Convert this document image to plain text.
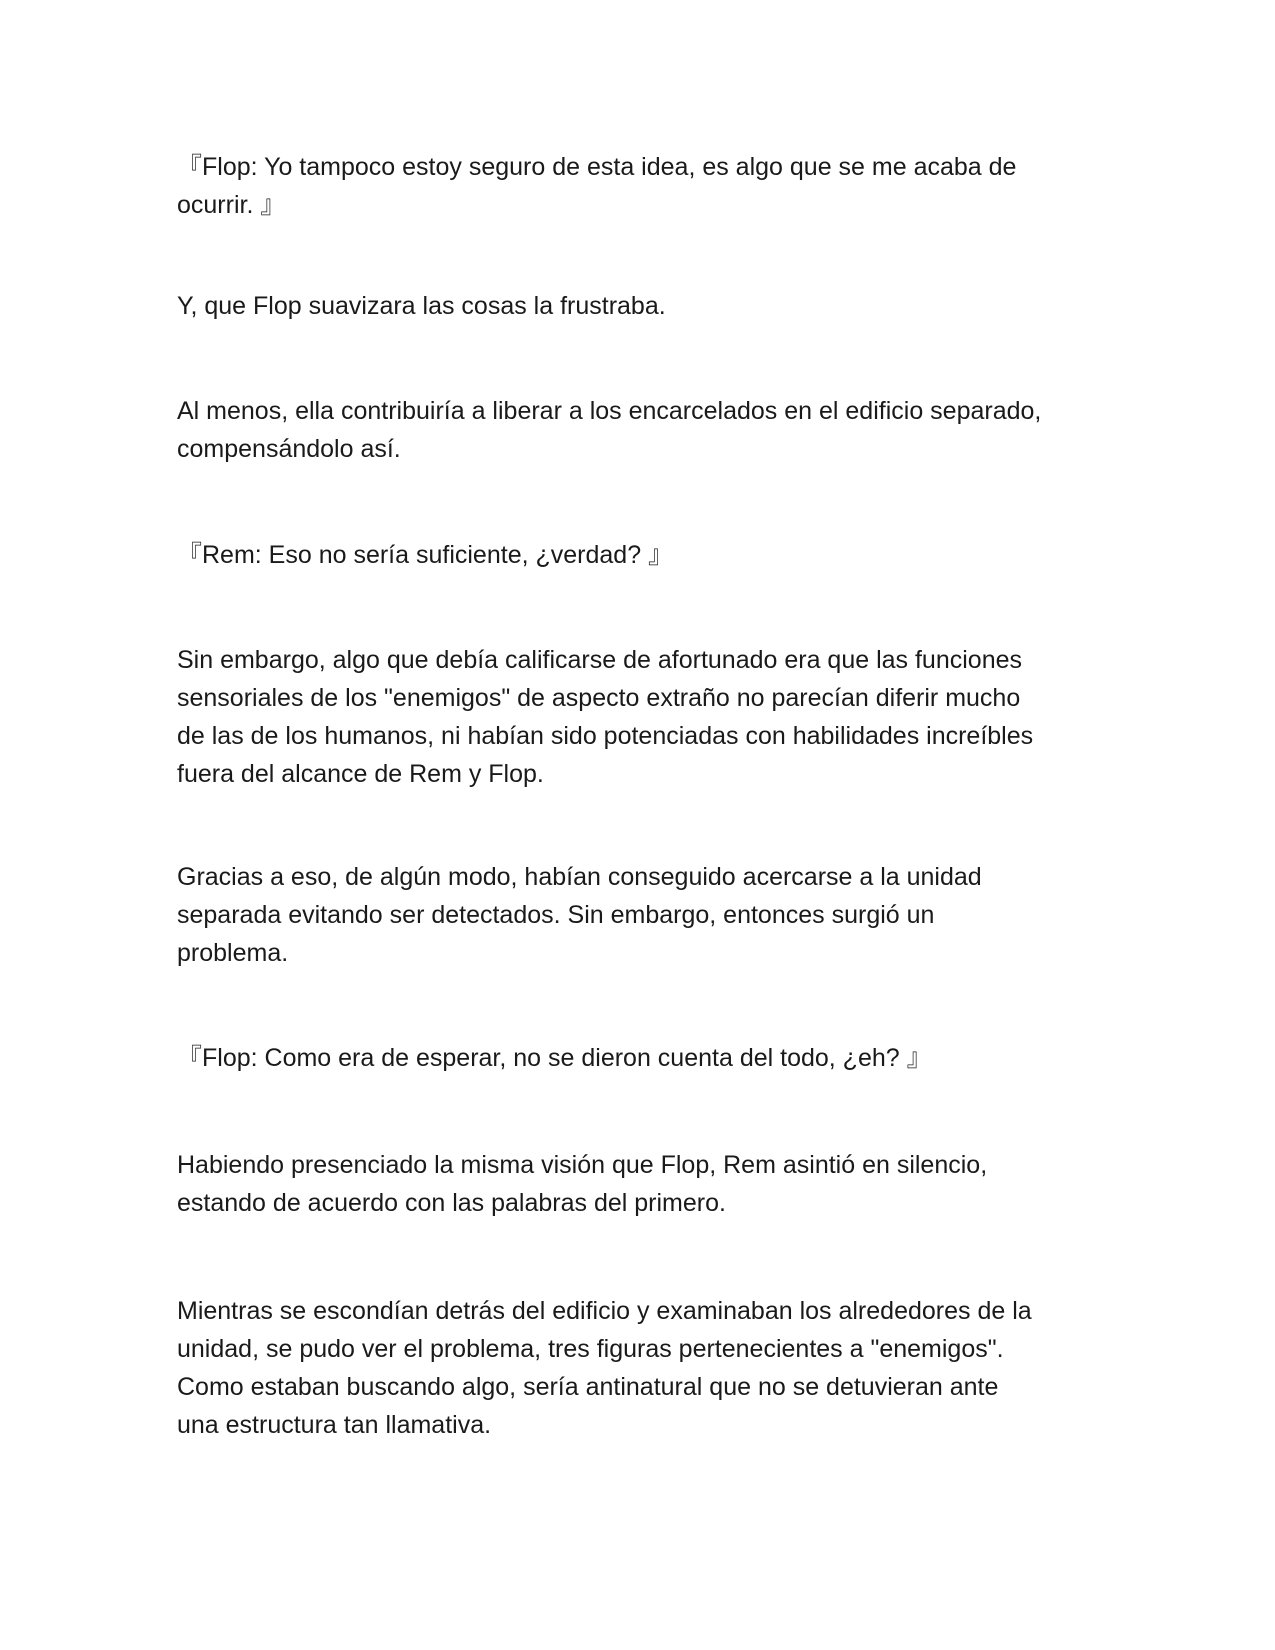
『Flop: Yo tampoco estoy seguro de esta idea, es algo que se me acaba de
ocurrir. 』

Y, que Flop suavizara las cosas la frustraba.

Al menos, ella contribuiría a liberar a los encarcelados en el edificio separado,
compensándolo así.

『Rem: Eso no sería suficiente, ¿verdad? 』

Sin embargo, algo que debía calificarse de afortunado era que las funciones
sensoriales de los "enemigos" de aspecto extraño no parecían diferir mucho
de las de los humanos, ni habían sido potenciadas con habilidades increíbles
fuera del alcance de Rem y Flop.

Gracias a eso, de algún modo, habían conseguido acercarse a la unidad
separada evitando ser detectados. Sin embargo, entonces surgió un
problema.

『Flop: Como era de esperar, no se dieron cuenta del todo, ¿eh? 』

Habiendo presenciado la misma visión que Flop, Rem asintió en silencio,
estando de acuerdo con las palabras del primero.

Mientras se escondían detrás del edificio y examinaban los alrededores de la
unidad, se pudo ver el problema, tres figuras pertenecientes a "enemigos".
Como estaban buscando algo, sería antinatural que no se detuvieran ante
una estructura tan llamativa.
